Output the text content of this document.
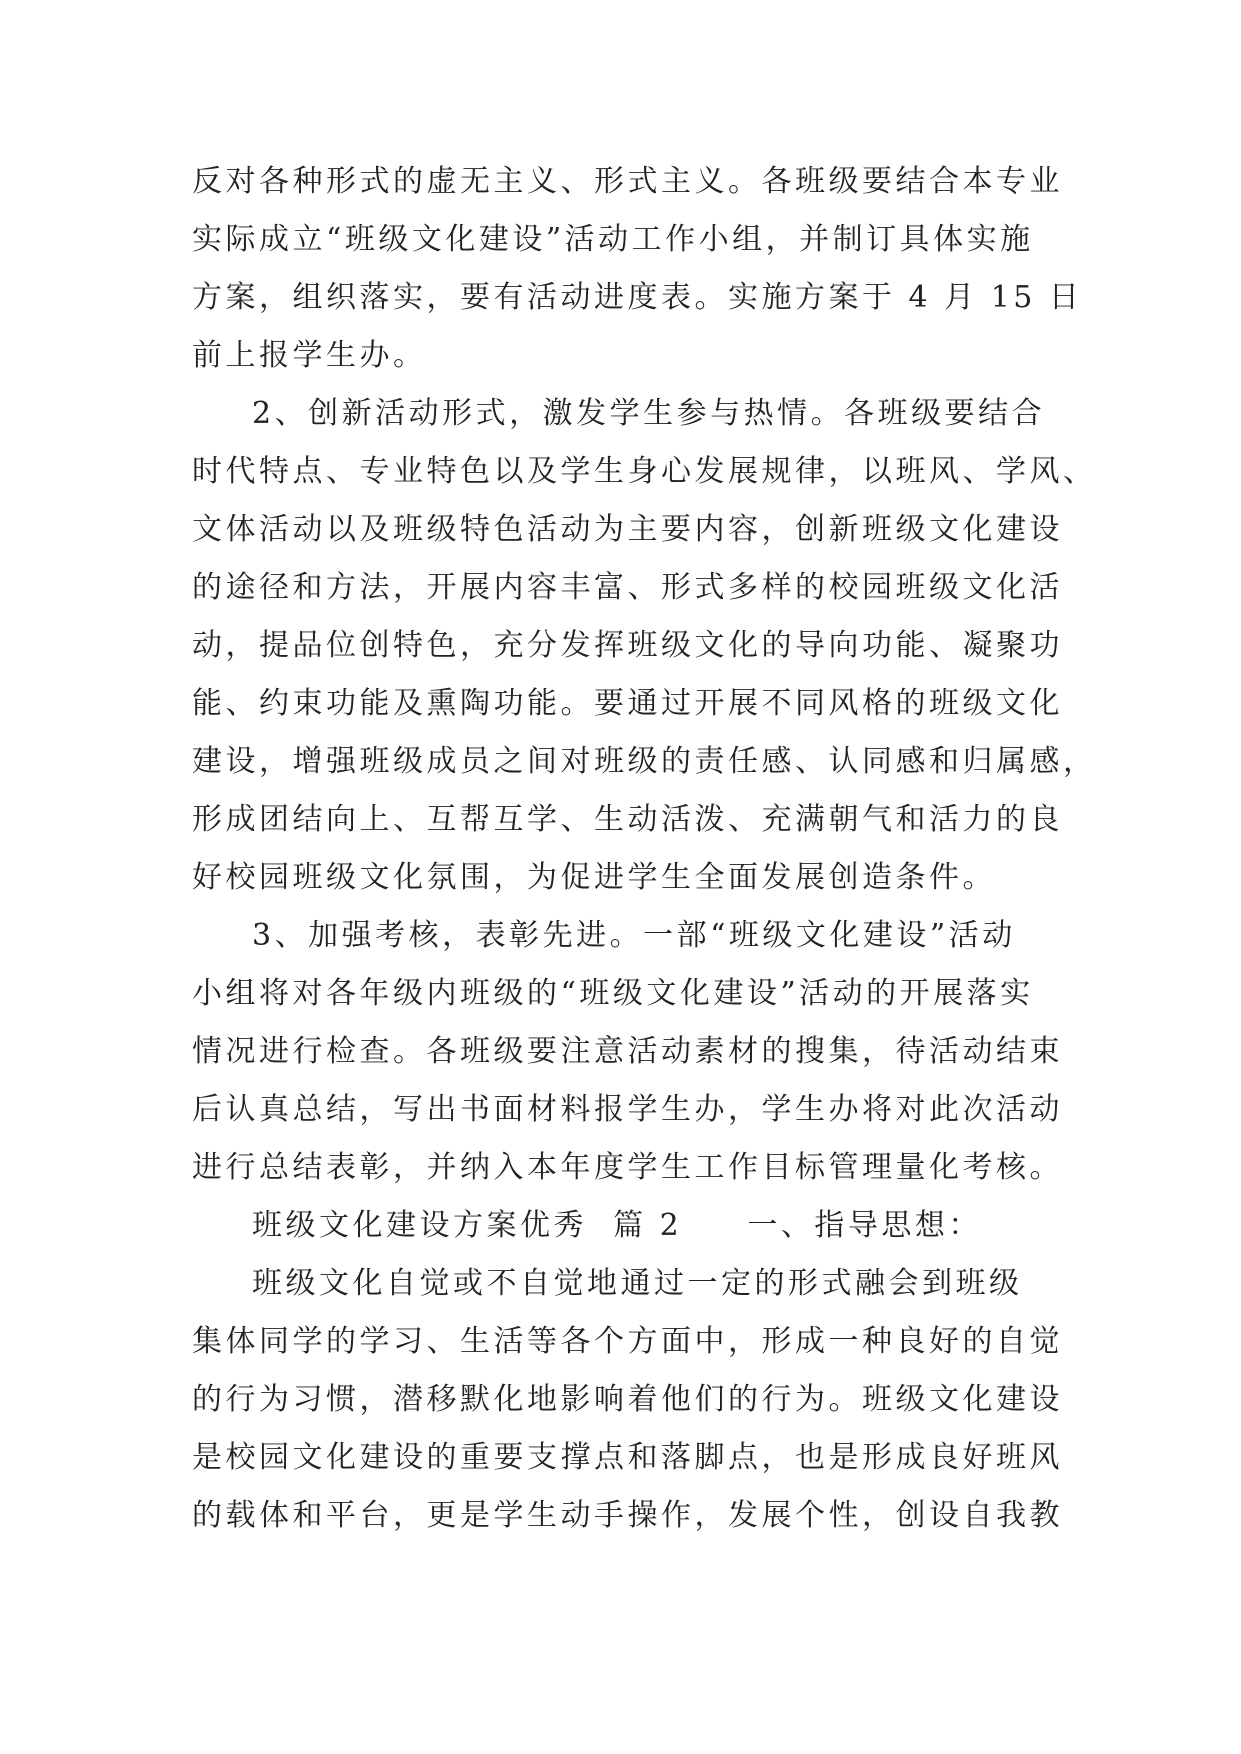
反对各种形式的虚无主义、形式主义。各班级要结合本专业
实际成立“班级文化建设”活动工作小组，并制订具体实施
方案，组织落实，要有活动进度表。实施方案于 4 月 15 日
前上报学生办。
2、创新活动形式，激发学生参与热情。各班级要结合
时代特点、专业特色以及学生身心发展规律，以班风、学风、
文体活动以及班级特色活动为主要内容，创新班级文化建设
的途径和方法，开展内容丰富、形式多样的校园班级文化活
动，提品位创特色，充分发挥班级文化的导向功能、凝聚功
能、约束功能及熏陶功能。要通过开展不同风格的班级文化
建设，增强班级成员之间对班级的责任感、认同感和归属感，
形成团结向上、互帮互学、生动活泼、充满朝气和活力的良
好校园班级文化氛围，为促进学生全面发展创造条件。
3、加强考核，表彰先进。一部“班级文化建设”活动
小组将对各年级内班级的“班级文化建设”活动的开展落实
情况进行检查。各班级要注意活动素材的搜集，待活动结束
后认真总结，写出书面材料报学生办，学生办将对此次活动
进行总结表彰，并纳入本年度学生工作目标管理量化考核。
班级文化建设方案优秀  篇 2     一、指导思想：
班级文化自觉或不自觉地通过一定的形式融会到班级
集体同学的学习、生活等各个方面中，形成一种良好的自觉
的行为习惯，潜移默化地影响着他们的行为。班级文化建设
是校园文化建设的重要支撑点和落脚点，也是形成良好班风
的载体和平台，更是学生动手操作，发展个性，创设自我教
